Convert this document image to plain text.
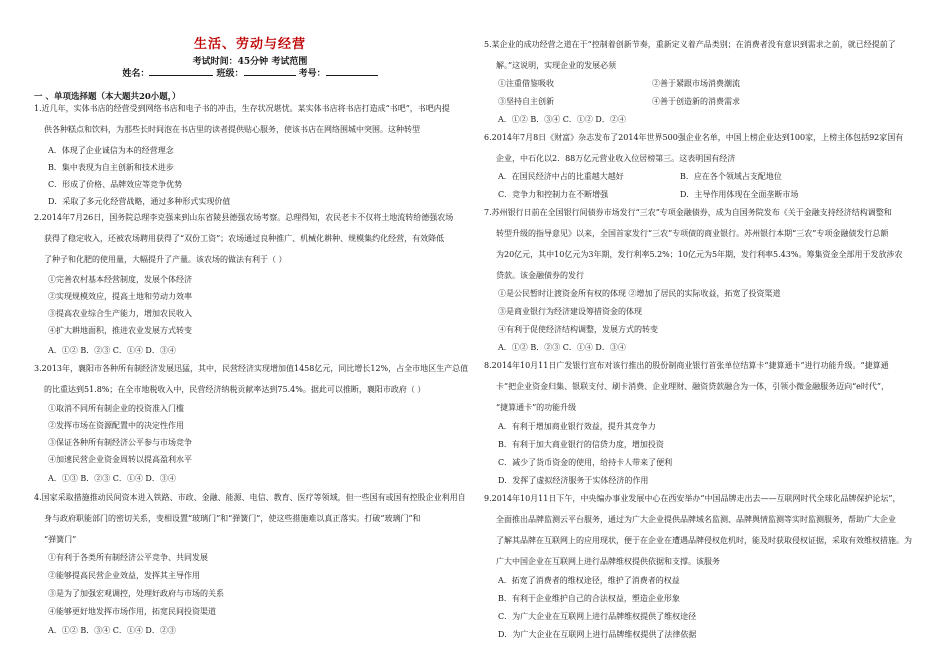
生活、劳动与经营
考试时间：45分钟 考试范围
姓名：	班级：	考号：
一 、单项选择题（本大题共20小题，）
1.近几年，实体书店的经营受到网络书店和电子书的冲击，生存状况堪忧。某实体书店将书店打造成“书吧”，书吧内提
供各种糕点和饮料，为那些长时间泡在书店里的读者提供贴心服务，使该书店在网络围城中突围。这种转型
A．体现了企业诚信为本的经营理念
B．集中表现为自主创新和技术进步
C．形成了价格、品牌效应等竞争优势
D．采取了多元化经营战略，通过多种形式实现价值
2.2014年7月26日，国务院总理李克强来到山东省陵县德强农场考察。总理得知，农民老卡不仅将土地流转给德强农场
获得了稳定收入，还被农场聘用获得了“双份工资”；农场通过良种推广、机械化耕种、规模集约化经营，有效降低
了种子和化肥的使用量，大幅提升了产量。该农场的做法有利于（ ）
①完善农村基本经营制度，发展个体经济
②实现规模效应，提高土地和劳动力效率
③提高农业综合生产能力，增加农民收入
④扩大耕地面积，推进农业发展方式转变
A．①② B．②③ C．①④ D．③④
3.2013年，襄阳市各种所有制经济发展迅猛，其中，民营经济实现增加值1458亿元，同比增长12%，占全市地区生产总值
的比重达到51.8%；在全市地税收入中，民营经济纳税贡献率达到75.4%。据此可以推断，襄阳市政府（ ）
①取消不同所有制企业的投资准入门槛
②发挥市场在资源配置中的决定性作用
③保证各种所有制经济公平参与市场竞争
④加速民营企业资金周转以提高盈利水平
A．①③ B．②③ C．①④ D．③④
4.国家采取措施推动民间资本进入铁路、市政、金融、能源、电信、教育、医疗等领域，但一些国有或国有控股企业利用自
身与政府职能部门的密切关系，变相设置“玻璃门”和“弹簧门”，使这些措施难以真正落实。打破“玻璃门”和
“弹簧门”
①有利于各类所有制经济公平竞争、共同发展
②能够提高民营企业效益，发挥其主导作用
③是为了加强宏观调控，处理好政府与市场的关系
④能够更好地发挥市场作用，拓宽民间投资渠道
A．①② B．③④ C．①④ D．②③
5.某企业的成功经营之道在于“控制着创新节奏，重新定义着产品类别；在消费者没有意识到需求之前，就已经提前了
解。”这说明，实现企业的发展必须
①注重借鉴吸收	②善于紧跟市场消费潮流
③坚持自主创新	④善于创造新的消费需求
A．①② B．③④ C．①② D．②④
6.2014年7月8日《财富》杂志发布了2014年世界500强企业名单，中国上榜企业达到100家，上榜主体包括92家国有
企业，中石化以2．88万亿元营业收入位居榜第三。这表明国有经济
A．在国民经济中占的比重越大越好	B．应在各个领域占支配地位
C．竞争力和控制力在不断增强	D．主导作用体现在全面垄断市场
7.苏州银行日前在全国银行间债券市场发行“三农”专项金融债券，成为自国务院发布《关于金融支持经济结构调整和
转型升级的指导意见》以来，全国首家发行“三农”专项债的商业银行。苏州银行本期“三农”专项金融债发行总额
为20亿元，其中10亿元为3年期，发行利率5.2%；10亿元为5年期，发行利率5.43%。筹集资金全部用于发放涉农
贷款。该金融债券的发行
①是公民暂时让渡资金所有权的体现 ②增加了居民的实际收益，拓宽了投资渠道
③是商业银行为经济建设筹措资金的体现
④有利于促使经济结构调整，发展方式的转变
A．①② B．②③ C．①④ D．③④
8.2014年10月11日广发银行宣布对该行推出的股份制商业银行首张单位结算卡“捷算通卡”进行功能升级。“捷算通
卡”把企业资金归集、银联支付、刷卡消费、企业理财、融资贷款融合为一体，引领小微金融服务迈向“e时代”，
“捷算通卡”的功能升级
A．有利于增加商业银行效益，提升其竞争力
B．有利于加大商业银行的信贷力度，增加投资
C．减少了货币资金的使用，给持卡人带来了便利
D．发挥了虚拟经济服务于实体经济的作用
9.2014年10月11日下午，中央编办事业发展中心在西安举办“中国品牌走出去——互联网时代全球化品牌保护论坛”，
全面推出品牌监测云平台服务，通过为广大企业提供品牌域名监测、品牌舆情监测等实时监测服务，帮助广大企业
了解其品牌在互联网上的应用现状，便于在企业在遭遇品牌侵权危机时，能及时获取侵权证据，采取有效维权措施。为
广大中国企业在互联网上进行品牌维权提供依据和支撑。该服务
A．拓宽了消费者的维权途径，维护了消费者的权益
B．有利于企业维护自己的合法权益，塑造企业形象
C．为广大企业在互联网上进行品牌维权提供了维权途径
D．为广大企业在互联网上进行品牌维权提供了法律依据
